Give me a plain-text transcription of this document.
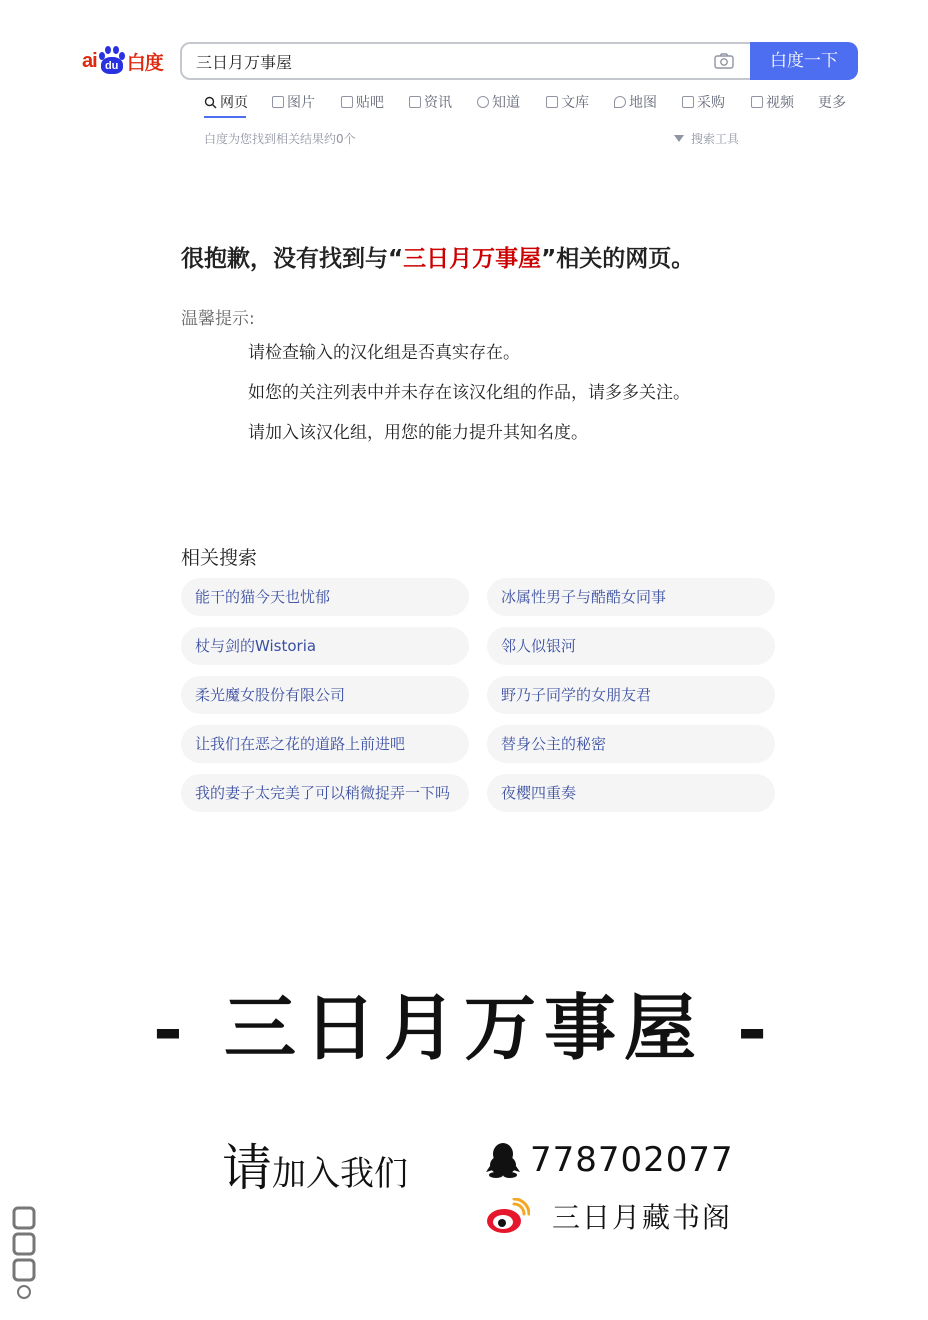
ai du 白度
三日月万事屋	白度一下
网页	图片	贴吧	资讯	知道	文库	地图	采购	视频 更多
白度为您找到相关结果约0个	搜索工具
很抱歉，没有找到与“三日月万事屋”相关的网页。
温馨提示:
请检查输入的汉化组是否真实存在。
如您的关注列表中并未存在该汉化组的作品，请多多关注。
请加入该汉化组，用您的能力提升其知名度。
相关搜索
能干的猫今天也忧郁	冰属性男子与酷酷女同事
杖与剑的Wistoria	邻人似银河
柔光魔女股份有限公司	野乃子同学的女朋友君
让我们在恶之花的道路上前进吧	替身公主的秘密
我的妻子太完美了可以稍微捉弄一下吗	夜樱四重奏
- 三日月万事屋 -
请加入我们	778702077
三日月藏书阁
